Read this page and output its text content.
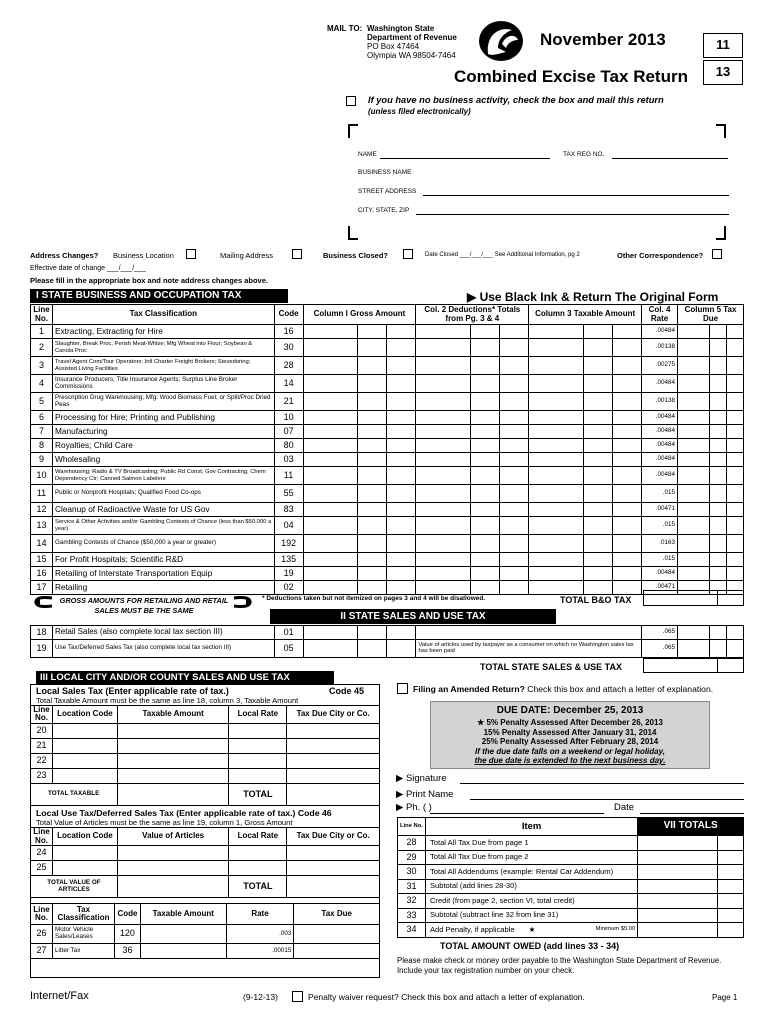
MAIL TO: Washington State
Department of Revenue
PO Box 47464
Olympia WA 98504-7464
November 2013
Combined Excise Tax Return
11
13
If you have no business activity, check the box and mail this return
(unless filed electronically)
NAME	TAX REG NO.
BUSINESS NAME
STREET ADDRESS
CITY, STATE, ZIP
Address Changes? Business Location	Mailing Address	Business Closed?	Date Closed ___/___/___ See Additional Information, pg 2	Other Correspondence?
Effective date of change ___/___/___
Please fill in the appropriate box and note address changes above.
I STATE BUSINESS AND OCCUPATION TAX	▶ Use Black Ink & Return The Original Form
Line No.	Tax Classification	Code	Column I Gross Amount	Col. 2 Deductions* Totals from Pg. 3 & 4	Column 3 Taxable Amount	Col. 4 Rate	Column 5 Tax Due
1	Extracting, Extracting for Hire	16				.00484	

2	Slaughter, Break Proc, Perish Meat-Whlse; Mfg Wheat into Flour; Soybean & Canola Proc	30				.00138	

3	Travel Agent Com/Tour Operators; Intl Charter Freight Brokers; Stevedoring; Assisted Living Facilities	28				.00275	

4	Insurance Producers; Title Insurance Agents; Surplus Line Broker Commissions	14				.00484	

5	Prescription Drug Warehousing; Mfg: Wood Biomass Fuel; or Split/Proc Dried Peas	21				.00138	

6	Processing for Hire; Printing and Publishing	10				.00484	

7	Manufacturing	07				.00484	

8	Royalties; Child Care	80				.00484	

9	Wholesaling	03				.00484	

10	Warehousing; Radio & TV Broadcasting; Public Rd Const; Gov Contracting; Chem Dependency Ctr; Canned Salmon Labelers	11				.00484	

11	Public or Nonprofit Hospitals; Qualified Food Co-ops	55				.015	

12	Cleanup of Radioactive Waste for US Gov	83				.00471	

13	Service & Other Activities and/or Gambling Contests of Chance (less than $50,000 a year)	04				.015	

14	Gambling Contests of Chance ($50,000 a year or greater)	192				.0163	

15	For Profit Hospitals; Scientific R&D	135				.015	

16	Retailing of Interstate Transportation Equip	19				.00484	

17	Retailing	02				.00471	
GROSS AMOUNTS FOR RETAILING AND RETAIL SALES MUST BE THE SAME
* Deductions taken but not itemized on pages 3 and 4 will be disallowed.	TOTAL B&O TAX
II STATE SALES AND USE TAX
18	Retail Sales (also complete local tax section III)	01			.065	

19	Use Tax/Deferred Sales Tax (also complete local tax section III)	05		Value of articles used by taxpayer as a consumer on which no Washington sales tax has been paid	.065	
TOTAL STATE SALES & USE TAX
III LOCAL CITY AND/OR COUNTY SALES AND USE TAX
Local Sales Tax (Enter applicable rate of tax.)	Code 45
Total Taxable Amount must be the same as line 18, column 3, Taxable Amount
Line No.	Location Code	Taxable Amount	Local Rate	Tax Due City or Co.
20				
21				
22				
23				
TOTAL TAXABLE			TOTAL	
Local Use Tax/Deferred Sales Tax (Enter applicable rate of tax.) Code 46
Total Value of Articles must be the same as line 19, column 1, Gross Amount
Line No.	Location Code	Value of Articles	Local Rate	Tax Due City or Co.
24				
25				
TOTAL VALUE OF ARTICLES			TOTAL	
Line No.	Tax Classification	Code	Taxable Amount	Rate	Tax Due
26	Motor Vehicle Sales/Leases	120		.003	
27	Litter Tax	36		.00015	
Filing an Amended Return? Check this box and attach a letter of explanation.
DUE DATE: December 25, 2013
★ 5% Penalty Assessed After December 26, 2013
15% Penalty Assessed After January 31, 2014
25% Penalty Assessed After February 28, 2014
If the due date falls on a weekend or legal holiday,
the due date is extended to the next business day.
▶ Signature
▶ Print Name
▶ Ph. ( )	Date
Line No.	Item	VII TOTALS	
28	Total All Tax Due from page 1		
29	Total All Tax Due from page 2		
30	Total All Addendums (example: Rental Car Addendum)		
31	Subtotal (add lines 28-30)		
32	Credit (from page 2, section VI, total credit)		
33	Subtotal (subtract line 32 from line 31)		
34	Add Penalty, if applicable Minimum $5.00
★		
TOTAL AMOUNT OWED (add lines 33 - 34)
Please make check or money order payable to the Washington State Department of Revenue. Include your tax registration number on your check.
Internet/Fax	(9-12-13)	Penalty waiver request? Check this box and attach a letter of explanation.	Page 1
